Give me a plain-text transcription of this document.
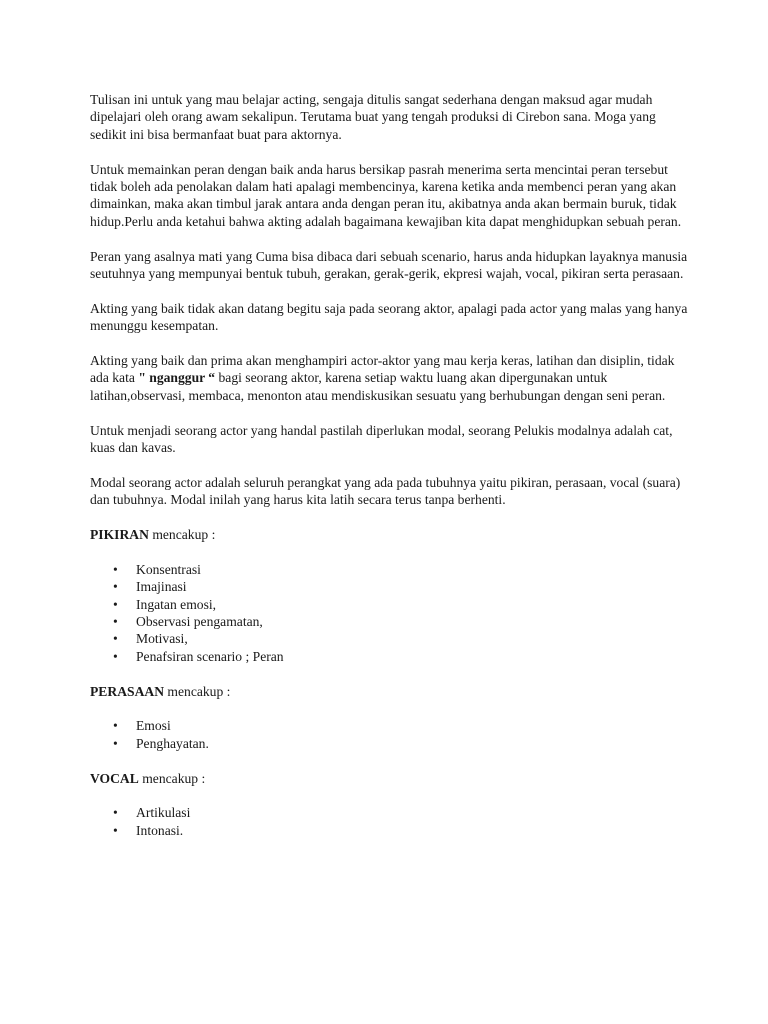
Tulisan ini untuk yang mau belajar acting, sengaja ditulis sangat sederhana dengan maksud agar mudah dipelajari oleh orang awam sekalipun. Terutama buat yang tengah produksi di Cirebon sana. Moga yang sedikit ini bisa bermanfaat buat para aktornya.

Untuk memainkan peran dengan baik anda harus bersikap pasrah menerima serta mencintai peran tersebut tidak boleh ada penolakan dalam hati apalagi membencinya, karena ketika anda membenci peran yang akan dimainkan, maka akan timbul jarak antara anda dengan peran itu, akibatnya anda akan bermain buruk, tidak hidup.Perlu anda ketahui bahwa akting adalah bagaimana kewajiban kita dapat menghidupkan sebuah peran.

Peran yang asalnya mati yang Cuma bisa dibaca dari sebuah scenario, harus anda hidupkan layaknya manusia seutuhnya yang mempunyai bentuk tubuh, gerakan, gerak-gerik, ekpresi wajah, vocal, pikiran serta perasaan.

Akting yang baik tidak akan datang begitu saja pada seorang aktor, apalagi pada actor yang malas yang hanya menunggu kesempatan.

Akting yang baik dan prima akan menghampiri actor-aktor yang mau kerja keras, latihan dan disiplin, tidak ada kata " nganggur “ bagi seorang aktor, karena setiap waktu luang akan dipergunakan untuk latihan,observasi, membaca, menonton atau mendiskusikan sesuatu yang berhubungan dengan seni peran.

Untuk menjadi seorang actor yang handal pastilah diperlukan modal, seorang Pelukis modalnya adalah cat, kuas dan kavas.

Modal seorang actor adalah seluruh perangkat yang ada pada tubuhnya yaitu pikiran, perasaan, vocal (suara) dan tubuhnya. Modal inilah yang harus kita latih secara terus tanpa berhenti.

PIKIRAN mencakup :

• Konsentrasi
• Imajinasi
• Ingatan emosi,
• Observasi pengamatan,
• Motivasi,
• Penafsiran scenario ; Peran

PERASAAN mencakup :

• Emosi
• Penghayatan.

VOCAL mencakup :

• Artikulasi
• Intonasi.
